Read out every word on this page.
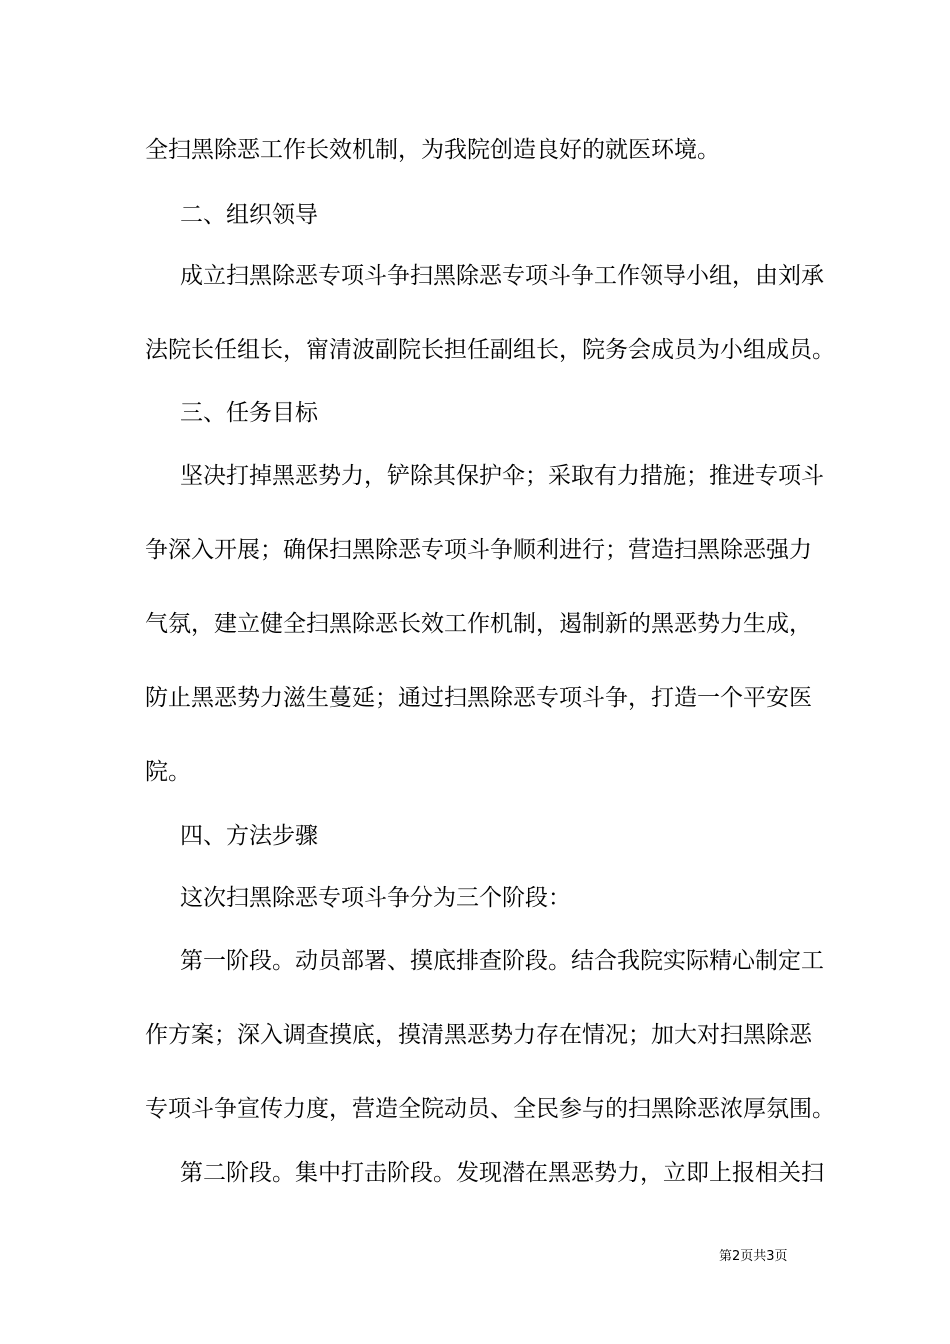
全扫黑除恶工作长效机制，为我院创造良好的就医环境。

二、组织领导

成立扫黑除恶专项斗争扫黑除恶专项斗争工作领导小组，由刘承

法院长任组长，甯清波副院长担任副组长，院务会成员为小组成员。

三、任务目标

坚决打掉黑恶势力，铲除其保护伞；采取有力措施；推进专项斗

争深入开展；确保扫黑除恶专项斗争顺利进行；营造扫黑除恶强力

气氛，建立健全扫黑除恶长效工作机制，遏制新的黑恶势力生成，

防止黑恶势力滋生蔓延；通过扫黑除恶专项斗争，打造一个平安医

院。

四、方法步骤

这次扫黑除恶专项斗争分为三个阶段：

第一阶段。动员部署、摸底排查阶段。结合我院实际精心制定工

作方案；深入调查摸底，摸清黑恶势力存在情况；加大对扫黑除恶

专项斗争宣传力度，营造全院动员、全民参与的扫黑除恶浓厚氛围。

第二阶段。集中打击阶段。发现潜在黑恶势力，立即上报相关扫

第2页共3页
